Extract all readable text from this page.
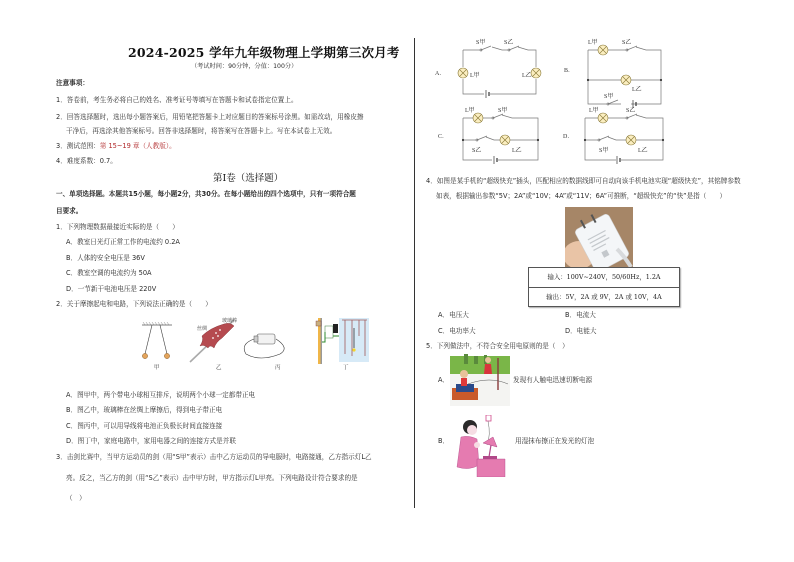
2024-2025 学年九年级物理上学期第三次月考
（考试时间：90分钟，分值：100分）
注意事项：
1．答卷前，考生务必将自己的姓名、准考证号等填写在答题卡和试卷指定位置上。
2．回答选择题时，选出每小题答案后，用铅笔把答题卡上对应题目的答案标号涂黑。如需改动，用橡皮擦
干净后，再选涂其他答案标号。回答非选择题时，将答案写在答题卡上。写在本试卷上无效。
3．测试范围：第 15~19 章（人教版）。
4．难度系数：0.7。
第Ⅰ卷（选择题）
一、单项选择题。本题共15小题，每小题2分，共30分。在每小题给出的四个选项中，只有一项符合题
目要求。
1．下列物理数据最接近实际的是（　　）
A．教室日光灯正常工作的电流约 0.2A
B．人体的安全电压是 36V
C．教室空调的电流约为 50A
D．一节新干电池电压是 220V
2．关于摩擦起电和电路，下列说法正确的是（　　）
丝绸
玻璃棒
甲	乙	丙	丁
A．图甲中，两个带电小球相互排斥，说明两个小球一定都带正电
B．图乙中，玻璃棒在丝绸上摩擦后，得到电子带正电
C．图丙中，可以用导线将电池正负极长时间直接连接
D．图丁中，家庭电路中，家用电器之间的连接方式是并联
3．击剑比赛中，当甲方运动员的剑（用“S甲”表示）击中乙方运动员的导电服时，电路接通，乙方指示灯L乙
亮。反之，当乙方的剑（用“S乙”表示）击中甲方时，甲方指示灯L甲亮。下列电路设计符合要求的是
（　）
A．
S甲	S乙
L甲	L乙
B．
L甲	S乙
L乙
S甲
C．
L甲	S甲
S乙	L乙
D．
L甲	S乙
S甲	L乙
4．如图是某手机的“超级快充”插头，匹配相应的数据线即可自动向该手机电池实现“超级快充”，其铭牌参数
如表，根据输出参数“5V；2A”或“10V；4A”或“11V；6A”可推断，“超级快充”的“快”是指（　　）
输入：100V~240V，50/60Hz，1.2A
输出：5V，2A 或 9V，2A 或 10V，4A
A．电压大	B．电流大
C．电功率大	D．电能大
5．下列做法中，不符合安全用电原则的是（　）
A．	发现有人触电迅速切断电源
B．	用湿抹布擦正在发光的灯泡
